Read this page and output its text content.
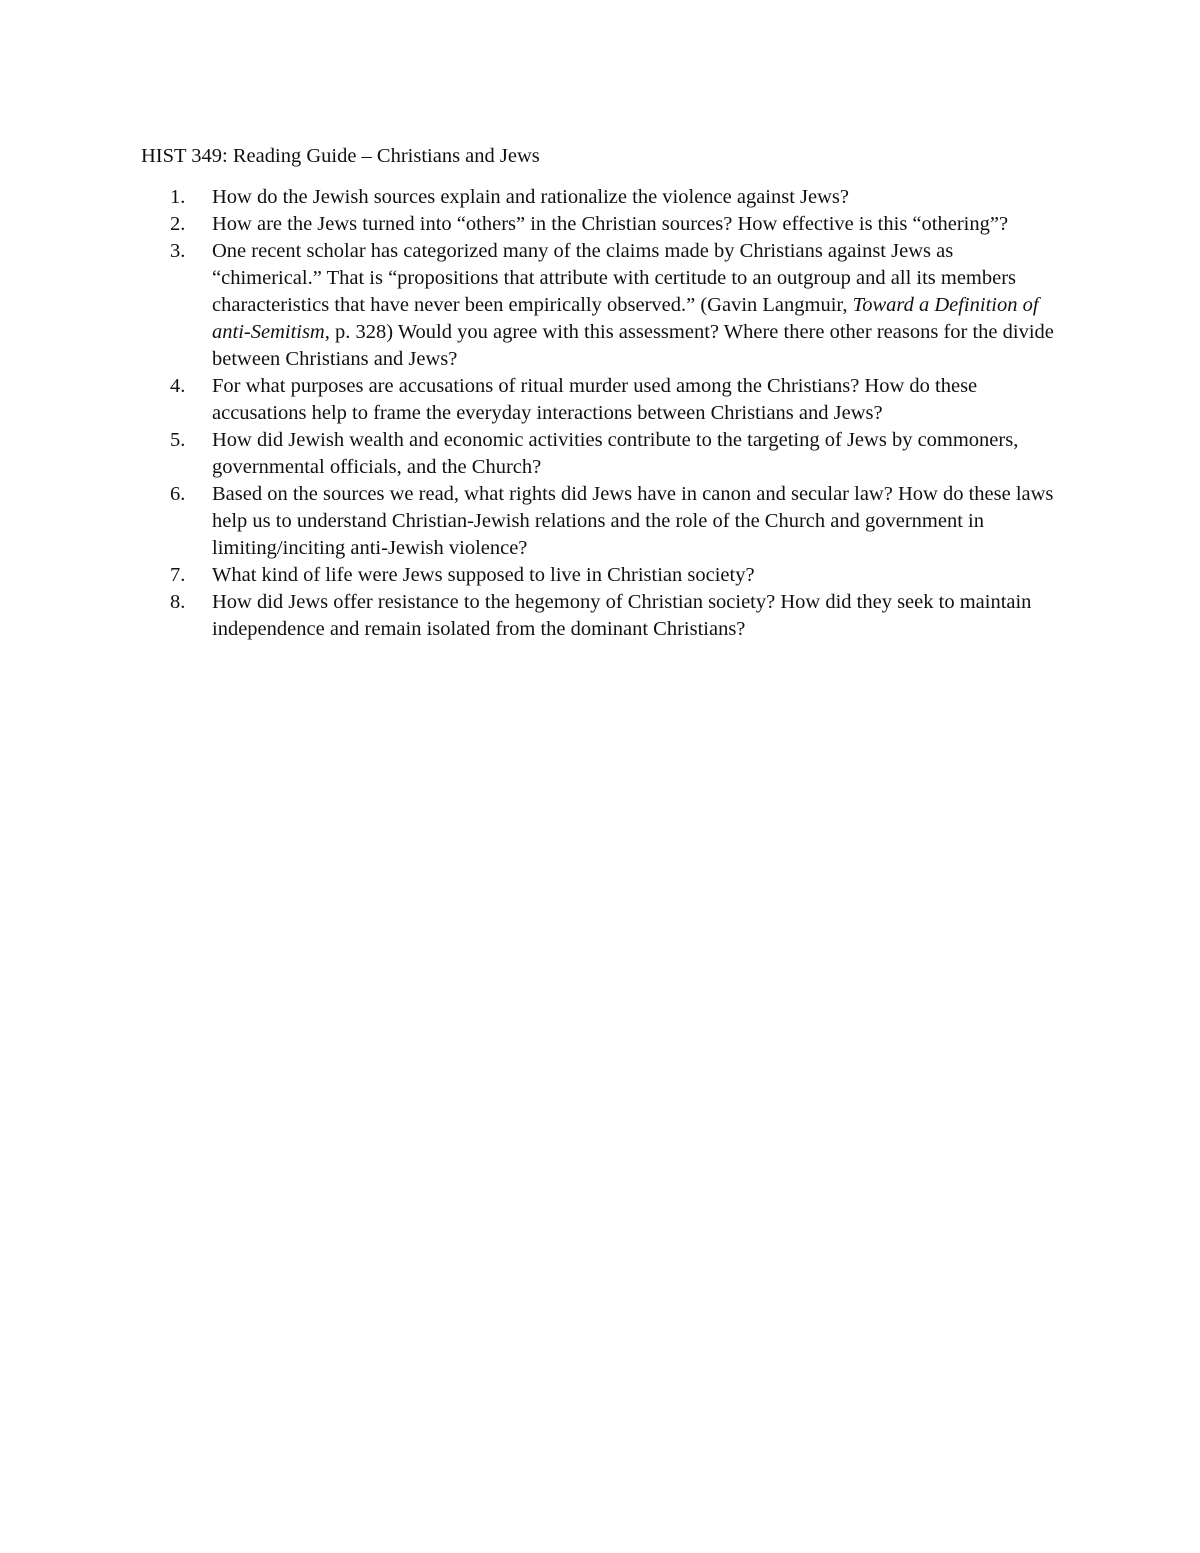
HIST 349: Reading Guide – Christians and Jews
1.	How do the Jewish sources explain and rationalize the violence against Jews?
2.	How are the Jews turned into “others” in the Christian sources? How effective is this “othering”?
3.	One recent scholar has categorized many of the claims made by Christians against Jews as “chimerical.” That is “propositions that attribute with certitude to an outgroup and all its members characteristics that have never been empirically observed.” (Gavin Langmuir, Toward a Definition of anti-Semitism, p. 328) Would you agree with this assessment? Where there other reasons for the divide between Christians and Jews?
4.	For what purposes are accusations of ritual murder used among the Christians? How do these accusations help to frame the everyday interactions between Christians and Jews?
5.	How did Jewish wealth and economic activities contribute to the targeting of Jews by commoners, governmental officials, and the Church?
6.	Based on the sources we read, what rights did Jews have in canon and secular law? How do these laws help us to understand Christian-Jewish relations and the role of the Church and government in limiting/inciting anti-Jewish violence?
7.	What kind of life were Jews supposed to live in Christian society?
8.	How did Jews offer resistance to the hegemony of Christian society? How did they seek to maintain independence and remain isolated from the dominant Christians?
